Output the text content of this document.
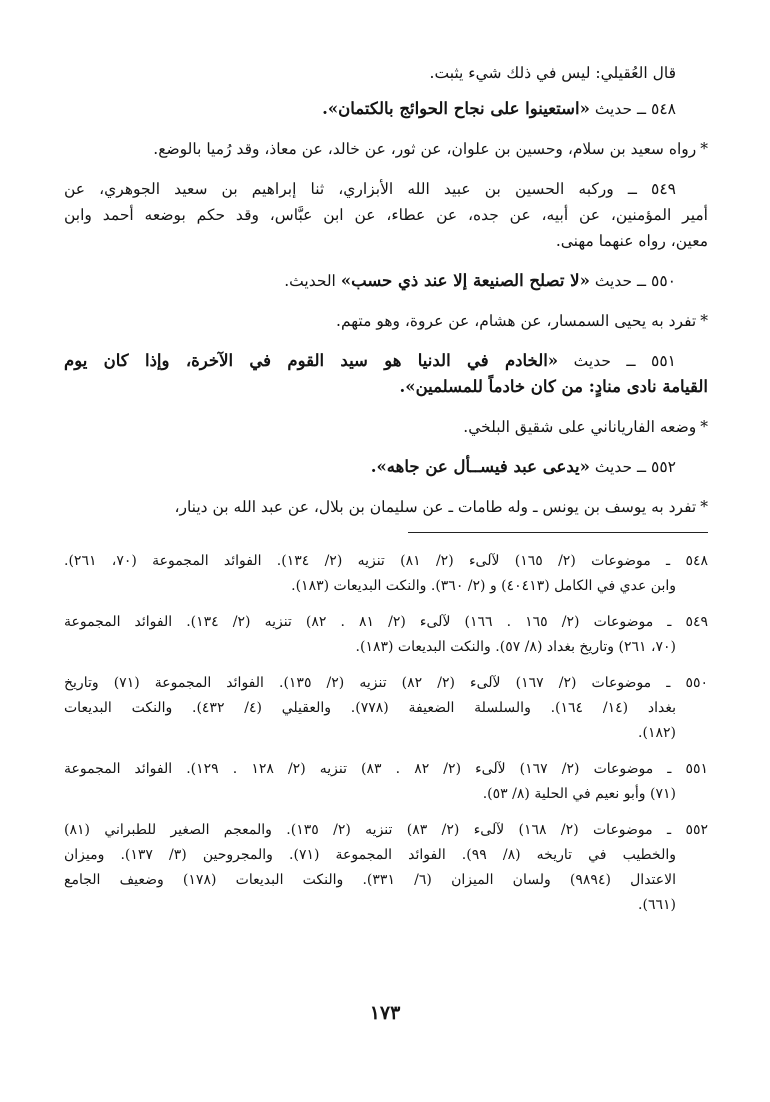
قال العُقيلي: ليس في ذلك شيء يثبت.

٥٤٨ ــ حديث «استعينوا على نجاح الحوائج بالكتمان».

*رواه سعيد بن سلام، وحسين بن علوان، عن ثور، عن خالد، عن معاذ، وقد رُميا بالوضع.

٥٤٩ ــ وركبه الحسين بن عبيد الله الأبزاري، ثنا إبراهيم بن سعيد الجوهري، عن

أمير المؤمنين، عن أبيه، عن جده، عن عطاء، عن ابن عبَّاس، وقد حكم بوضعه أحمد وابن

معين، رواه عنهما مهنى.

٥٥٠ ــ حديث «لا تصلح الصنيعة إلا عند ذي حسب» الحديث.

*تفرد به يحيى السمسار، عن هشام، عن عروة، وهو متهم.

٥٥١ ــ حديث «الخادم في الدنيا هو سيد القوم في الآخرة، وإذا كان يوم

القيامة نادى منادٍ: من كان خادماً للمسلمين».

*وضعه الفارياناني على شقيق البلخي.

٥٥٢ ــ حديث «يدعى عبد فيســأل عن جاهه».

*تفرد به يوسف بن يونس ـ وله طامات ـ عن سليمان بن بلال، عن عبد الله بن دينار،

٥٤٨ ـ موضوعات (٢/ ١٦٥) لآلىء (٢/ ٨١) تنزيه (٢/ ١٣٤). الفوائد المجموعة (٧٠، ٢٦١).

وابن عدي في الكامل (٤٠٤١٣) و (٢/ ٣٦٠). والنكت البديعات (١٨٣).

٥٤٩ ـ موضوعات (٢/ ١٦٥ . ١٦٦) لآلىء (٢/ ٨١ . ٨٢) تنزيه (٢/ ١٣٤). الفوائد المجموعة

(٧٠، ٢٦١) وتاريخ بغداد (٨/ ٥٧). والنكت البديعات (١٨٣).

٥٥٠ ـ موضوعات (٢/ ١٦٧) لآلىء (٢/ ٨٢) تنزيه (٢/ ١٣٥). الفوائد المجموعة (٧١) وتاريخ

بغداد (١٤/ ١٦٤). والسلسلة الضعيفة (٧٧٨). والعقيلي (٤/ ٤٣٢). والنكت البديعات

(١٨٢).

٥٥١ ـ موضوعات (٢/ ١٦٧) لآلىء (٢/ ٨٢ . ٨٣) تنزيه (٢/ ١٢٨ . ١٢٩). الفوائد المجموعة

(٧١) وأبو نعيم في الحلية (٨/ ٥٣).

٥٥٢ ـ موضوعات (٢/ ١٦٨) لآلىء (٢/ ٨٣) تنزيه (٢/ ١٣٥). والمعجم الصغير للطبراني (٨١)

والخطيب في تاريخه (٨/ ٩٩). الفوائد المجموعة (٧١). والمجروحين (٣/ ١٣٧). وميزان

الاعتدال (٩٨٩٤) ولسان الميزان (٦/ ٣٣١). والنكت البديعات (١٧٨) وضعيف الجامع

(٦٦١).

١٧٣
